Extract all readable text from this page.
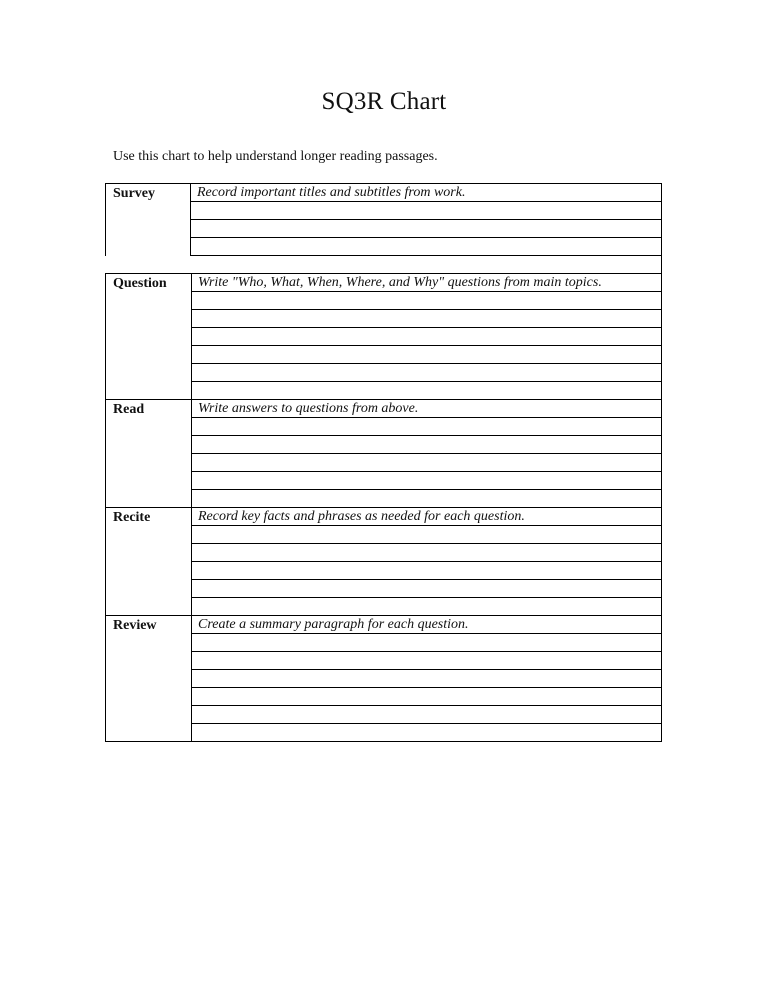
SQ3R Chart

Use this chart to help understand longer reading passages.

Survey	Record important titles and subtitles from work.
Question	Write "Who, What, When, Where, and Why" questions from main topics.
Read	Write answers to questions from above.
Recite	Record key facts and phrases as needed for each question.
Review	Create a summary paragraph for each question.
